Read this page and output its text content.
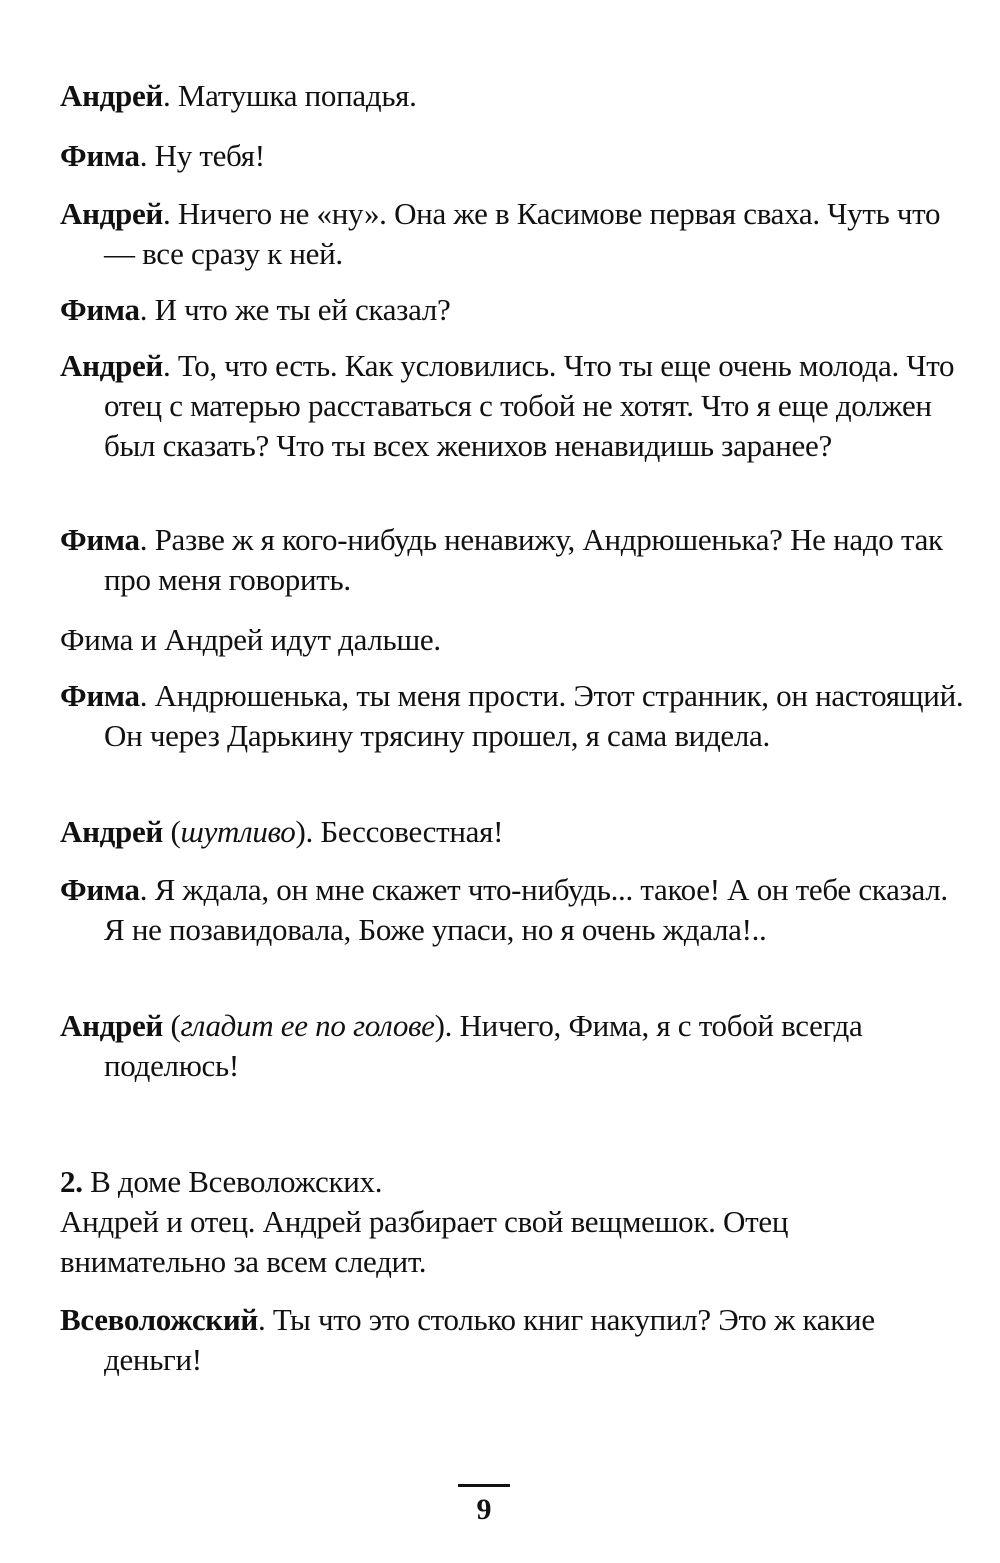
Андрей. Матушка попадья.
Фима. Ну тебя!
Андрей. Ничего не «ну». Она же в Касимове первая сваха. Чуть что — все сразу к ней.
Фима. И что же ты ей сказал?
Андрей. То, что есть. Как условились. Что ты еще очень молода. Что отец с матерью расставаться с тобой не хотят. Что я еще должен был сказать? Что ты всех женихов ненавидишь заранее?
Фима. Разве ж я кого-нибудь ненавижу, Андрюшенька? Не надо так про меня говорить.
Фима и Андрей идут дальше.
Фима. Андрюшенька, ты меня прости. Этот странник, он настоящий. Он через Дарькину трясину прошел, я сама видела.
Андрей (шутливо). Бессовестная!
Фима. Я ждала, он мне скажет что-нибудь... такое! А он тебе сказал. Я не позавидовала, Боже упаси, но я очень ждала!..
Андрей (гладит ее по голове). Ничего, Фима, я с тобой всегда поделюсь!
2. В доме Всеволожских.
Андрей и отец. Андрей разбирает свой вещмешок. Отец внимательно за всем следит.
Всеволожский. Ты что это столько книг накупил? Это ж какие деньги!
9
